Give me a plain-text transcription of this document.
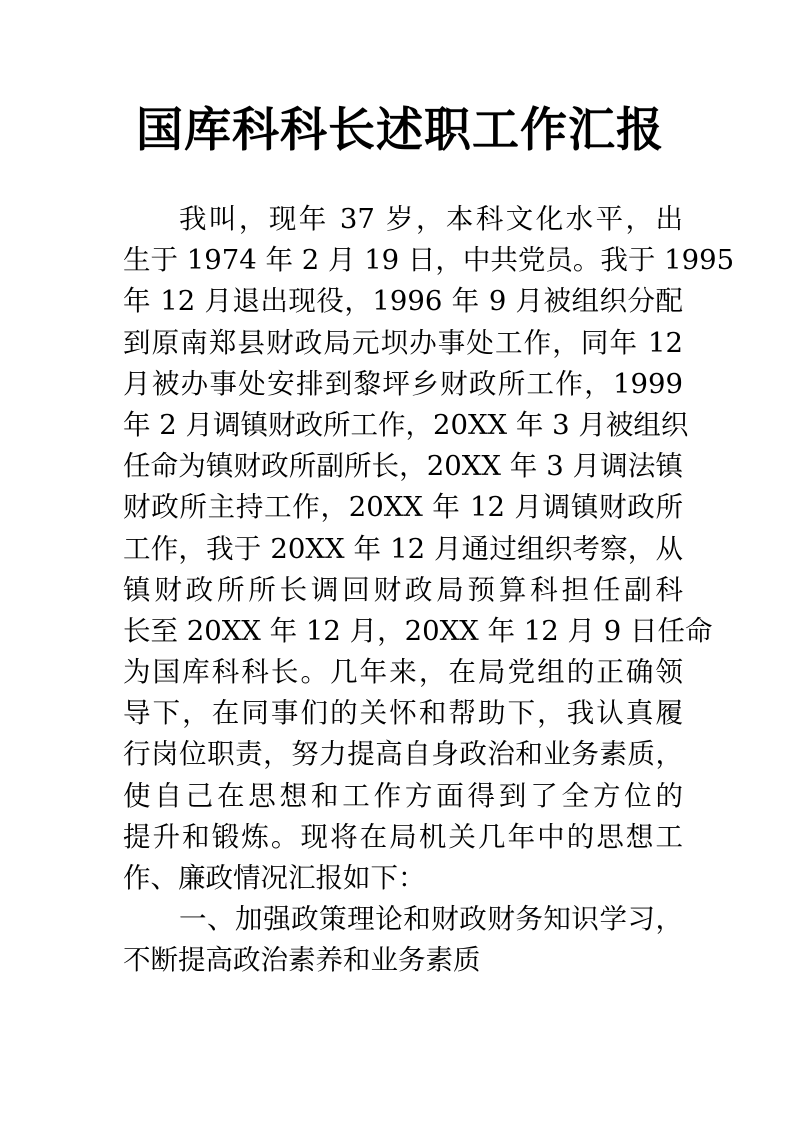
国库科科长述职工作汇报
我叫，现年 37 岁，本科文化水平，出
生于 1974 年 2 月 19 日，中共党员。我于 1995
年 12 月退出现役，1996 年 9 月被组织分配
到原南郑县财政局元坝办事处工作，同年 12
月被办事处安排到黎坪乡财政所工作，1999
年 2 月调镇财政所工作，20XX 年 3 月被组织
任命为镇财政所副所长，20XX 年 3 月调法镇
财政所主持工作，20XX 年 12 月调镇财政所
工作，我于 20XX 年 12 月通过组织考察，从
镇财政所所长调回财政局预算科担任副科
长至 20XX 年 12 月，20XX 年 12 月 9 日任命
为国库科科长。几年来，在局党组的正确领
导下，在同事们的关怀和帮助下，我认真履
行岗位职责，努力提高自身政治和业务素质，
使自己在思想和工作方面得到了全方位的
提升和锻炼。现将在局机关几年中的思想工
作、廉政情况汇报如下：
一、加强政策理论和财政财务知识学习，
不断提高政治素养和业务素质
